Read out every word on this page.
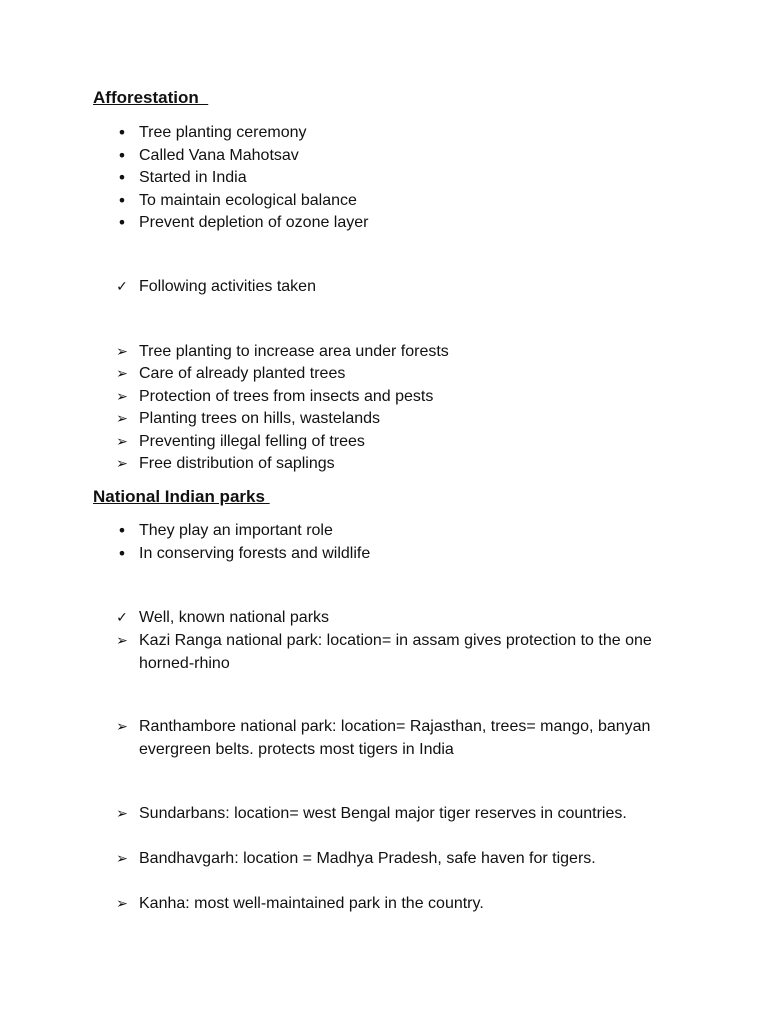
Afforestation
• Tree planting ceremony
• Called Vana Mahotsav
• Started in India
• To maintain ecological balance
• Prevent depletion of ozone layer
✓ Following activities taken
➢ Tree planting to increase area under forests
➢ Care of already planted trees
➢ Protection of trees from insects and pests
➢ Planting trees on hills, wastelands
➢ Preventing illegal felling of trees
➢ Free distribution of saplings
National Indian parks
• They play an important role
• In conserving forests and wildlife
✓ Well, known national parks
➢ Kazi Ranga national park: location= in assam gives protection to the one horned-rhino
➢ Ranthambore national park: location= Rajasthan, trees= mango, banyan evergreen belts. protects most tigers in India
➢ Sundarbans: location= west Bengal major tiger reserves in countries.
➢ Bandhavgarh: location = Madhya Pradesh, safe haven for tigers.
➢ Kanha: most well-maintained park in the country.
